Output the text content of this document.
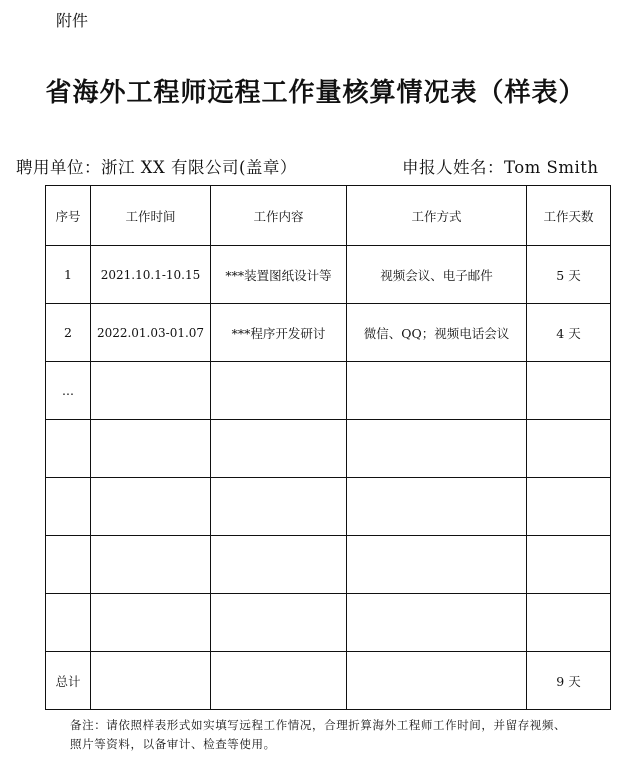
附件
省海外工程师远程工作量核算情况表（样表）
聘用单位：浙江 XX 有限公司(盖章）	申报人姓名：Tom Smith
序号	工作时间	工作内容	工作方式	工作天数
1	2021.10.1-10.15	***装置图纸设计等	视频会议、电子邮件	5 天
2	2022.01.03-01.07	***程序开发研讨	微信、QQ；视频电话会议	4 天
...				

总计				9 天
备注：请依照样表形式如实填写远程工作情况，合理折算海外工程师工作时间，并留存视频、
照片等资料，以备审计、检查等使用。
